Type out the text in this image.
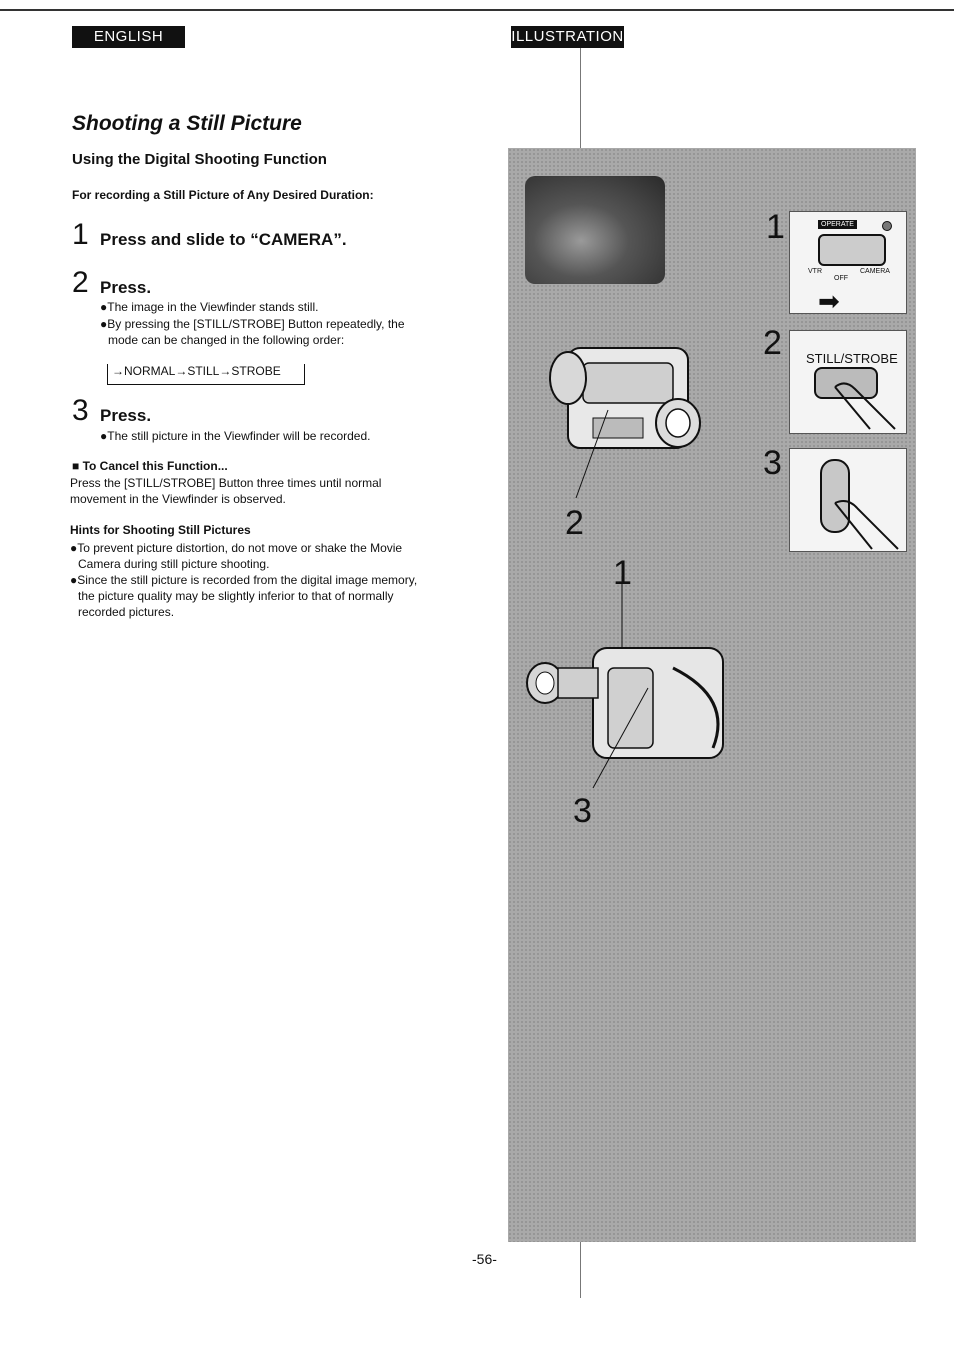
ENGLISH	ILLUSTRATION
Shooting a Still Picture
Using the Digital Shooting Function
For recording a Still Picture of Any Desired Duration:
1 Press and slide to “CAMERA”.
2 Press.
●The image in the Viewfinder stands still.
●By pressing the [STILL/STROBE] Button repeatedly, the
mode can be changed in the following order:
→NORMAL→STILL→STROBE
3 Press.
●The still picture in the Viewfinder will be recorded.
■ To Cancel this Function...
Press the [STILL/STROBE] Button three times until normal
movement in the Viewfinder is observed.
Hints for Shooting Still Pictures
●To prevent picture distortion, do not move or shake the Movie
Camera during still picture shooting.
●Since the still picture is recorded from the digital image memory,
the picture quality may be slightly inferior to that of normally
recorded pictures.
2
1
3
1	OPERATE
VTR
OFF
CAMERA
➡
2 STILL/STROBE
3
-56-
